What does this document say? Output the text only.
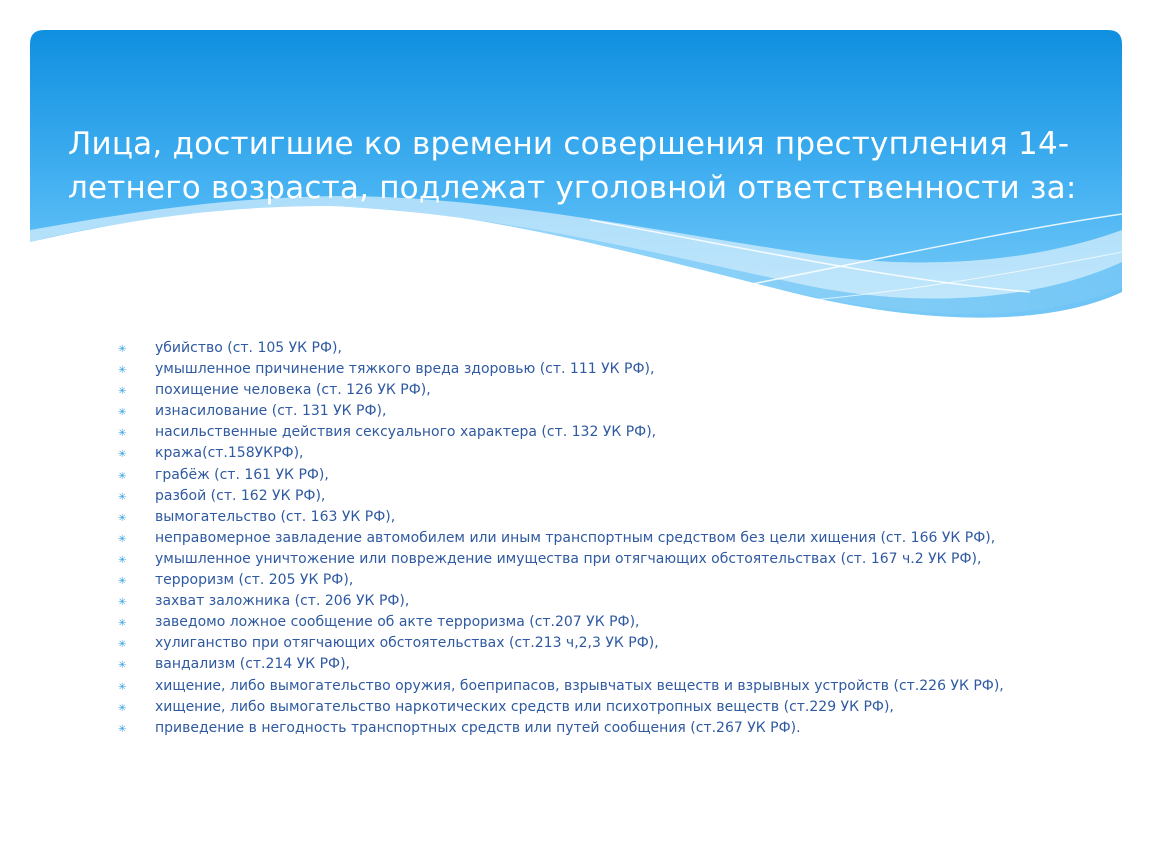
Лица, достигшие ко времени совершения преступления 14-летнего возраста, подлежат уголовной ответственности за:
✳	убийство (ст. 105 УК РФ),
✳	умышленное причинение тяжкого вреда здоровью (ст. 111 УК РФ),
✳	похищение человека (ст. 126 УК РФ),
✳	изнасилование (ст. 131 УК РФ),
✳	насильственные действия сексуального характера (ст. 132 УК РФ),
✳	кража(ст.158УКРФ),
✳	грабёж (ст. 161 УК РФ),
✳	разбой (ст. 162 УК РФ),
✳	вымогательство (ст. 163 УК РФ),
✳	неправомерное завладение автомобилем или иным транспортным средством без цели хищения (ст. 166 УК РФ),
✳	умышленное уничтожение или повреждение имущества при отягчающих обстоятельствах (ст. 167 ч.2 УК РФ),
✳	терроризм (ст. 205 УК РФ),
✳	захват заложника (ст. 206 УК РФ),
✳	заведомо ложное сообщение об акте терроризма (ст.207 УК РФ),
✳	хулиганство при отягчающих обстоятельствах (ст.213 ч,2,3 УК РФ),
✳	вандализм (ст.214 УК РФ),
✳	хищение, либо вымогательство оружия, боеприпасов, взрывчатых веществ и взрывных устройств (ст.226 УК РФ),
✳	хищение, либо вымогательство наркотических средств или психотропных веществ (ст.229 УК РФ),
✳	приведение в негодность транспортных средств или путей сообщения (ст.267 УК РФ).
